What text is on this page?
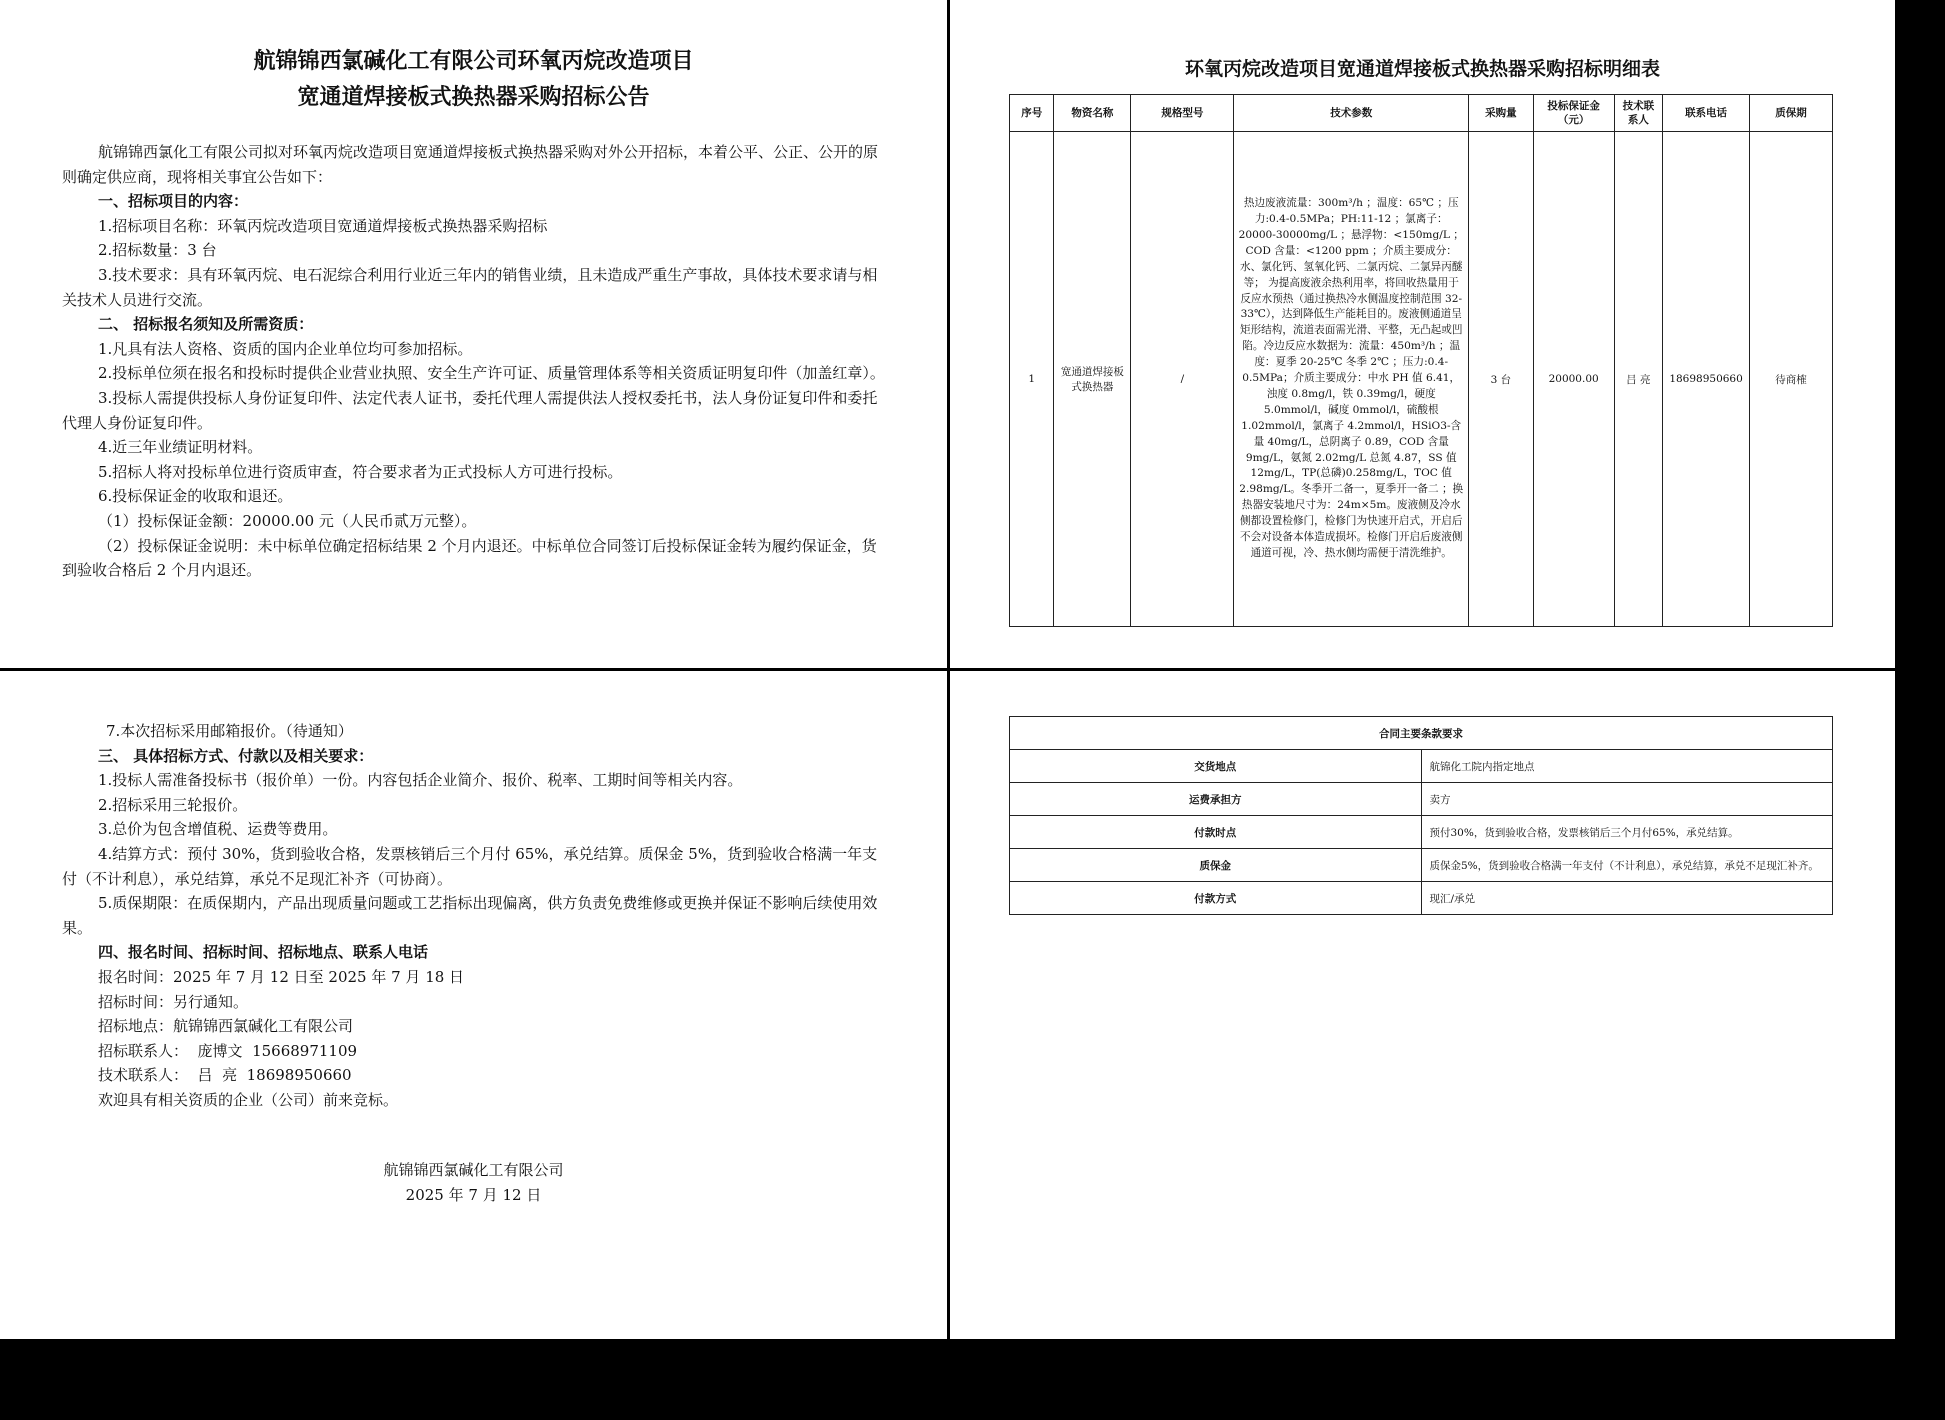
航锦锦西氯碱化工有限公司环氧丙烷改造项目

宽通道焊接板式换热器采购招标公告

航锦锦西氯化工有限公司拟对环氧丙烷改造项目宽通道焊接板式换热器采购对外公开招标，本着公平、公正、公开的原则确定供应商，现将相关事宜公告如下：

一、招标项目的内容：

1.招标项目名称：环氧丙烷改造项目宽通道焊接板式换热器采购招标

2.招标数量：3 台

3.技术要求：具有环氧丙烷、电石泥综合利用行业近三年内的销售业绩，且未造成严重生产事故，具体技术要求请与相关技术人员进行交流。

二、 招标报名须知及所需资质：

1.凡具有法人资格、资质的国内企业单位均可参加招标。

2.投标单位须在报名和投标时提供企业营业执照、安全生产许可证、质量管理体系等相关资质证明复印件（加盖红章）。

3.投标人需提供投标人身份证复印件、法定代表人证书，委托代理人需提供法人授权委托书，法人身份证复印件和委托代理人身份证复印件。

4.近三年业绩证明材料。

5.招标人将对投标单位进行资质审查，符合要求者为正式投标人方可进行投标。

6.投标保证金的收取和退还。

（1）投标保证金额：20000.00 元（人民币贰万元整）。

（2）投标保证金说明：未中标单位确定招标结果 2 个月内退还。中标单位合同签订后投标保证金转为履约保证金，货到验收合格后 2 个月内退还。

环氧丙烷改造项目宽通道焊接板式换热器采购招标明细表

序号	物资名称	规格型号	技术参数	采购量	投标保证金（元）	技术联系人	联系电话	质保期
1	宽通道焊接板式换热器	/	热边废液流量：300m³/h ；温度：65℃ ；压力:0.4-0.5MPa；PH:11-12 ；氯离子：20000-30000mg/L ；悬浮物：<150mg/L ； COD 含量：<1200 ppm ；介质主要成分：水、氯化钙、氢氧化钙、二氯丙烷、二氯异丙醚等； 为提高废液余热利用率，将回收热量用于反应水预热（通过换热冷水侧温度控制范围 32-33℃），达到降低生产能耗目的。废液侧通道呈矩形结构，流道表面需光滑、平整，无凸起或凹陷。冷边反应水数据为：流量：450m³/h ；温度：夏季 20-25℃ 冬季 2℃ ；压力:0.4-0.5MPa；介质主要成分：中水 PH 值 6.41，浊度 0.8mg/l，铁 0.39mg/l，硬度 5.0mmol/l，碱度 0mmol/l，硫酸根 1.02mmol/l，氯离子 4.2mmol/l，HSiO3-含量 40mg/L，总阴离子 0.89，COD 含量 9mg/L，氨氮 2.02mg/L 总氮 4.87，SS 值 12mg/L，TP(总磷)0.258mg/L，TOC 值 2.98mg/L。冬季开二备一，夏季开一备二 ；换热器安装地尺寸为：24m×5m。废液侧及冷水侧都设置检修门，检修门为快速开启式，开启后不会对设备本体造成损坏。检修门开启后废液侧通道可视，冷、热水侧均需便于清洗维护。	3 台	20000.00	吕 亮	18698950660	待商榷

7.本次招标采用邮箱报价。（待通知）

三、 具体招标方式、付款以及相关要求：

1.投标人需准备投标书（报价单）一份。内容包括企业简介、报价、税率、工期时间等相关内容。

2.招标采用三轮报价。

3.总价为包含增值税、运费等费用。

4.结算方式：预付 30%，货到验收合格，发票核销后三个月付 65%，承兑结算。质保金 5%，货到验收合格满一年支付（不计利息），承兑结算，承兑不足现汇补齐（可协商）。

5.质保期限：在质保期内，产品出现质量问题或工艺指标出现偏离，供方负责免费维修或更换并保证不影响后续使用效果。

四、报名时间、招标时间、招标地点、联系人电话

报名时间：2025 年 7 月 12 日至 2025 年 7 月 18 日

招标时间：另行通知。

招标地点：航锦锦西氯碱化工有限公司

招标联系人：  庞博文  15668971109

技术联系人：  吕  亮  18698950660

欢迎具有相关资质的企业（公司）前来竞标。

航锦锦西氯碱化工有限公司

2025 年 7 月 12 日

合同主要条款要求	
交货地点	航锦化工院内指定地点
运费承担方	卖方
付款时点	预付30%，货到验收合格，发票核销后三个月付65%，承兑结算。
质保金	质保金5%，货到验收合格满一年支付（不计利息），承兑结算，承兑不足现汇补齐。
付款方式	现汇/承兑
